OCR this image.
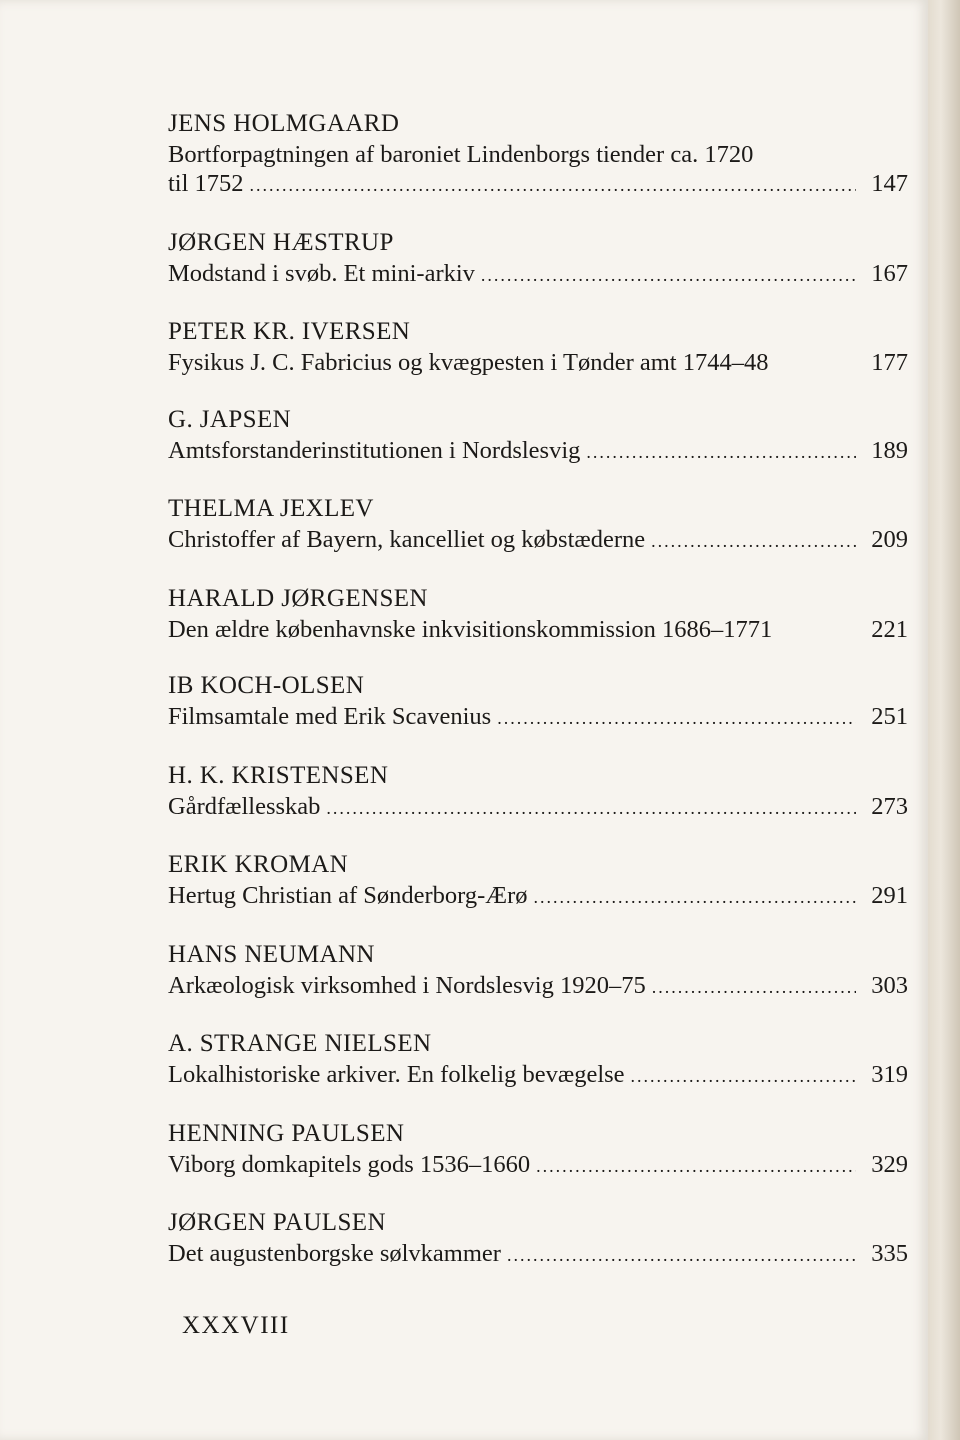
JENS HOLMGAARD
Bortforpagtningen af baroniet Lindenborgs tiender ca. 1720
til 1752 .....	147
JØRGEN HÆSTRUP
Modstand i svøb. Et mini-arkiv .....	167
PETER KR. IVERSEN
Fysikus J. C. Fabricius og kvægpesten i Tønder amt 1744–48	177
G. JAPSEN
Amtsforstanderinstitutionen i Nordslesvig .....	189
THELMA JEXLEV
Christoffer af Bayern, kancelliet og købstæderne .....	209
HARALD JØRGENSEN
Den ældre københavnske inkvisitionskommission 1686–1771	221
IB KOCH-OLSEN
Filmsamtale med Erik Scavenius .....	251
H. K. KRISTENSEN
Gårdfællesskab .....	273
ERIK KROMAN
Hertug Christian af Sønderborg-Ærø .....	291
HANS NEUMANN
Arkæologisk virksomhed i Nordslesvig 1920–75 .....	303
A. STRANGE NIELSEN
Lokalhistoriske arkiver. En folkelig bevægelse .....	319
HENNING PAULSEN
Viborg domkapitels gods 1536–1660 .....	329
JØRGEN PAULSEN
Det augustenborgske sølvkammer .....	335
XXXVIII
